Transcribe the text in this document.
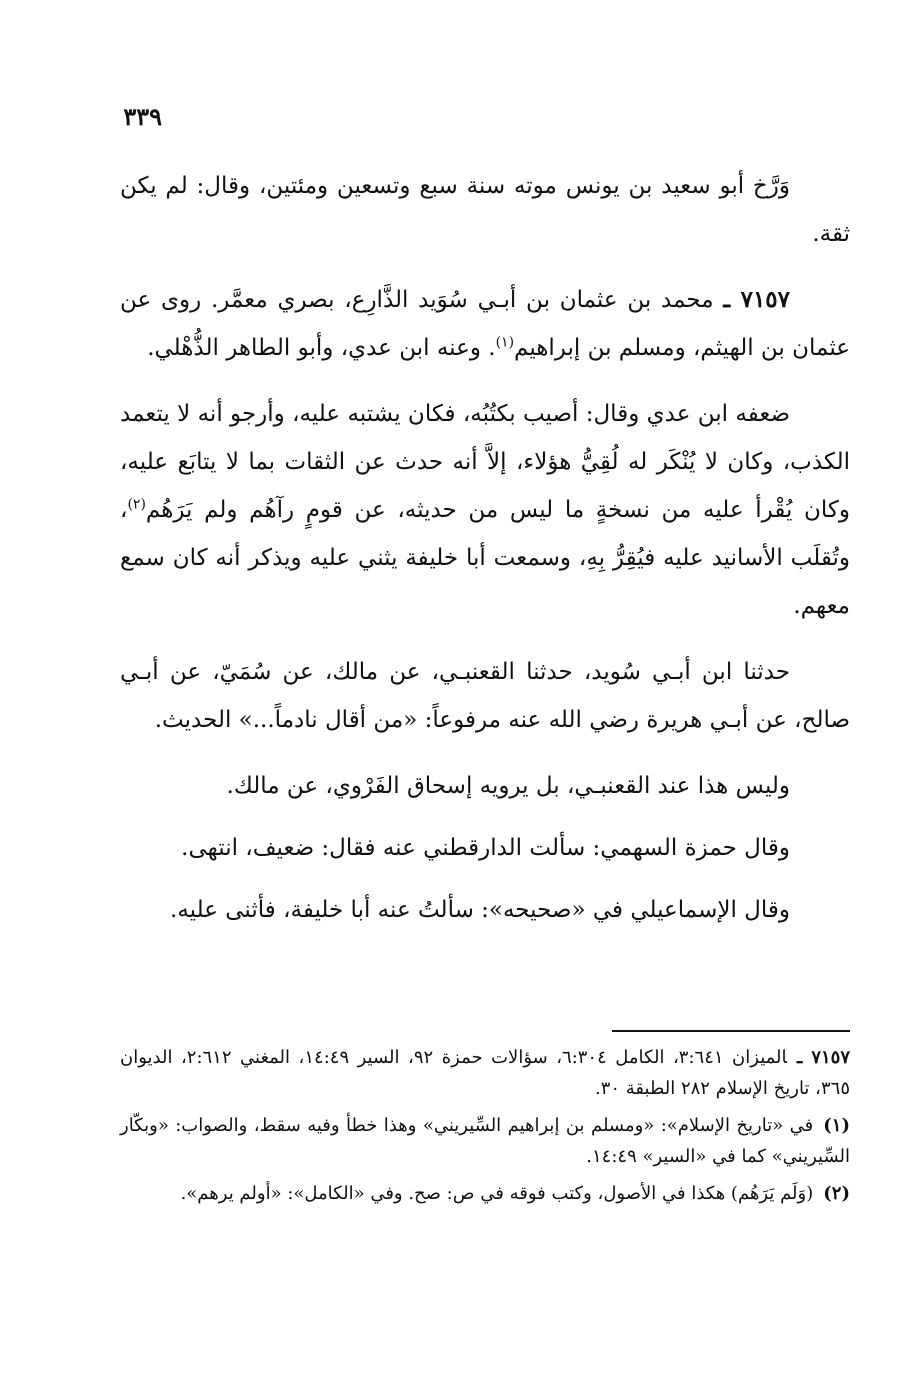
٣٣٩

وَرَّخ أبو سعيد بن يونس موته سنة سبع وتسعين ومئتين، وقال: لم يكن ثقة.

٧١٥٧ ـ محمد بن عثمان بن أبـي سُوَيد الذَّارِع، بصري معمَّر. روى عن عثمان بن الهيثم، ومسلم بن إبراهيم$^{(١)}$. وعنه ابن عدي، وأبو الطاهر الذُّهْلي.

ضعفه ابن عدي وقال: أصيب بكتُبُه، فكان يشتبه عليه، وأرجو أنه لا يتعمد الكذب، وكان لا يُنْكَر له لُقِيُّ هؤلاء، إلاَّ أنه حدث عن الثقات بما لا يتابَع عليه، وكان يُقْرأ عليه من نسخةٍ ما ليس من حديثه، عن قومٍ رآهُم ولم يَرَهُم$^{(٢)}$، وتُقلَب الأسانيد عليه فيُقِرُّ بِهِ، وسمعت أبا خليفة يثني عليه ويذكر أنه كان سمع معهم.

حدثنا ابن أبـي سُويد، حدثنا القعنبـي، عن مالك، عن سُمَيّ، عن أبـي صالح، عن أبـي هريرة رضي الله عنه مرفوعاً: «من أقال نادماً...» الحديث.

وليس هذا عند القعنبـي، بل يرويه إسحاق الفَرْوي، عن مالك.

وقال حمزة السهمي: سألت الدارقطني عنه فقال: ضعيف، انتهى.

وقال الإسماعيلي في «صحيحه»: سألتُ عنه أبا خليفة، فأثنى عليه.

٧١٥٧ ـالميزان ٣:٦٤١، الكامل ٦:٣٠٤، سؤالات حمزة ٩٢، السير ١٤:٤٩، المغني ٢:٦١٢، الديوان ٣٦٥، تاريخ الإسلام ٢٨٢ الطبقة ٣٠.

(١)في «تاريخ الإسلام»: «ومسلم بن إبراهيم السِّيريني» وهذا خطأ وفيه سقط، والصواب: «وبكّار السِّيريني» كما في «السير» ١٤:٤٩.

(٢)(وَلَم يَرَهُم) هكذا في الأصول، وكتب فوقه في ص: صح. وفي «الكامل»: «أولم يرهم».
